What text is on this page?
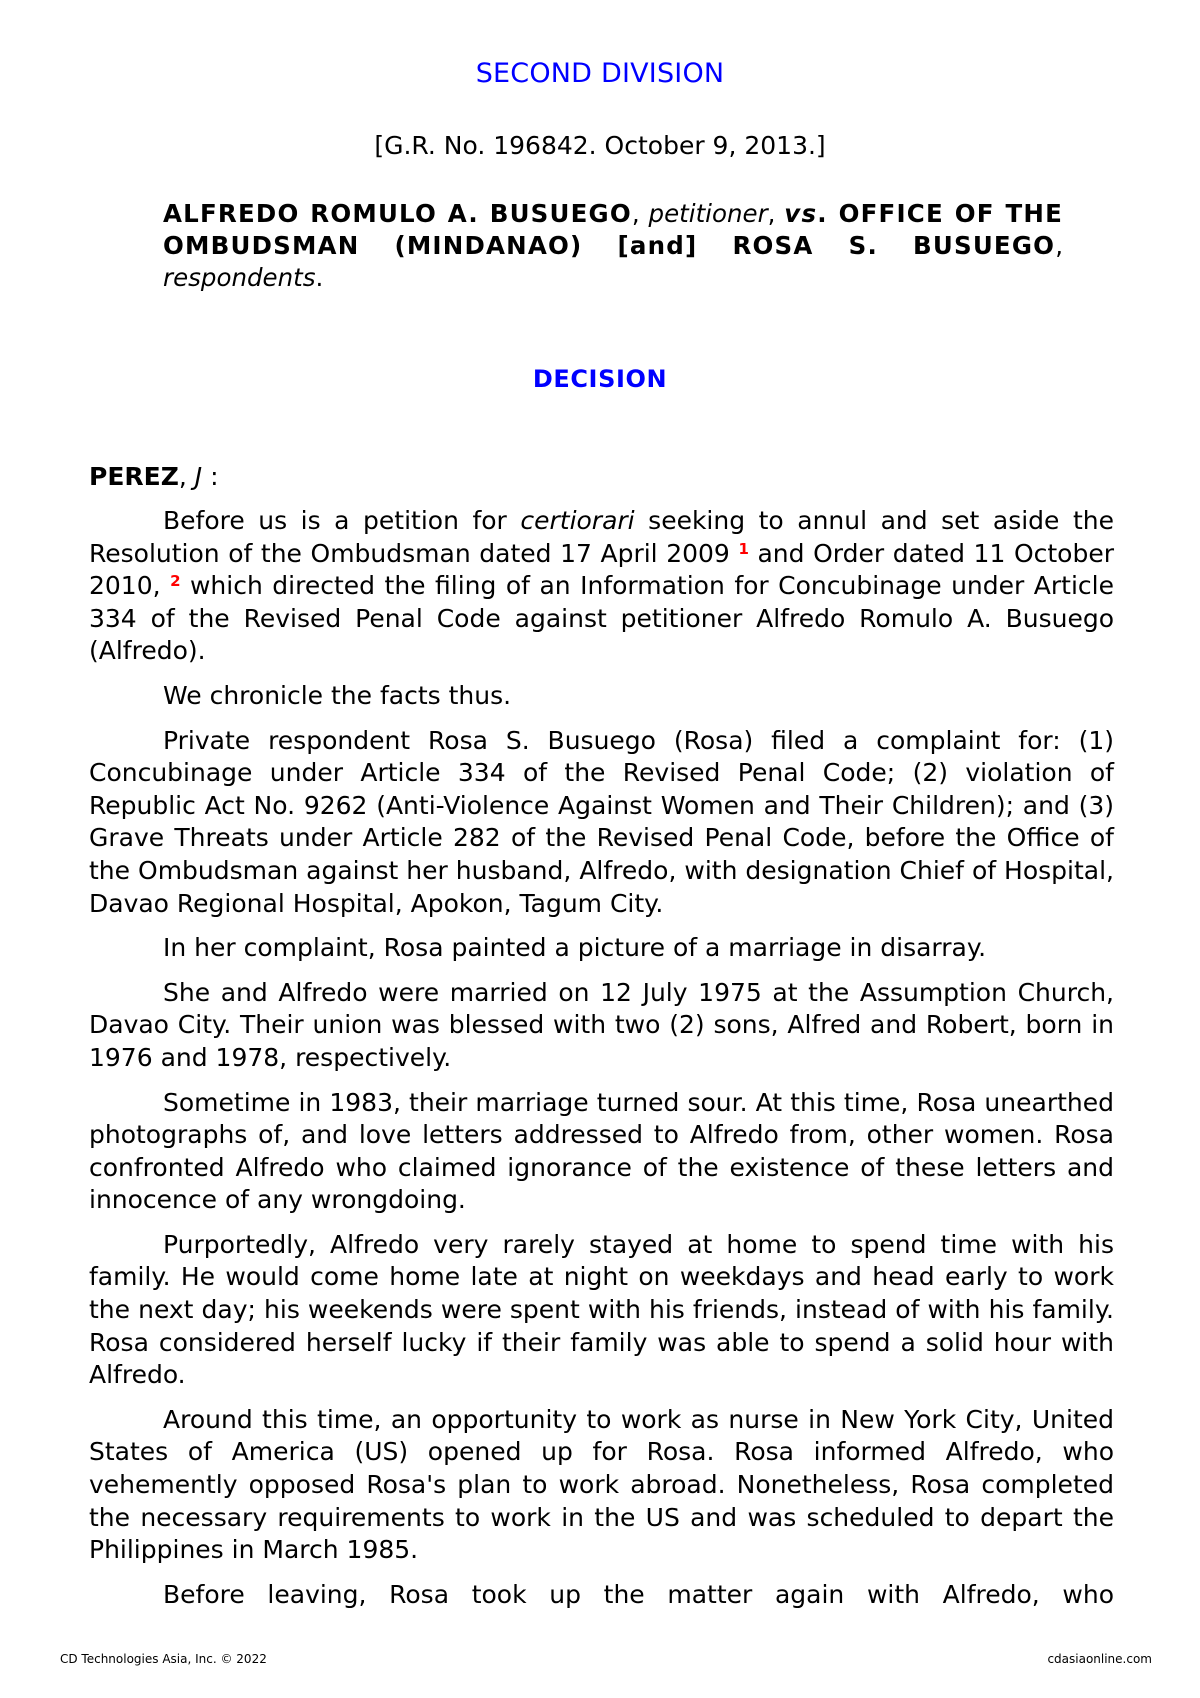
SECOND DIVISION
[G.R. No. 196842. October 9, 2013.]
ALFREDO ROMULO A. BUSUEGO, petitioner, vs. OFFICE OF THE OMBUDSMAN (MINDANAO) [and] ROSA S. BUSUEGO, respondents.
DECISION
PEREZ, J :

Before us is a petition for certiorari seeking to annul and set aside the Resolution of the Ombudsman dated 17 April 2009 $^1$ and Order dated 11 October 2010, $^2$ which directed the filing of an Information for Concubinage under Article 334 of the Revised Penal Code against petitioner Alfredo Romulo A. Busuego (Alfredo).

We chronicle the facts thus.

Private respondent Rosa S. Busuego (Rosa) filed a complaint for: (1) Concubinage under Article 334 of the Revised Penal Code; (2) violation of Republic Act No. 9262 (Anti-Violence Against Women and Their Children); and (3) Grave Threats under Article 282 of the Revised Penal Code, before the Office of the Ombudsman against her husband, Alfredo, with designation Chief of Hospital, Davao Regional Hospital, Apokon, Tagum City.

In her complaint, Rosa painted a picture of a marriage in disarray.

She and Alfredo were married on 12 July 1975 at the Assumption Church, Davao City. Their union was blessed with two (2) sons, Alfred and Robert, born in 1976 and 1978, respectively.

Sometime in 1983, their marriage turned sour. At this time, Rosa unearthed photographs of, and love letters addressed to Alfredo from, other women. Rosa confronted Alfredo who claimed ignorance of the existence of these letters and innocence of any wrongdoing.

Purportedly, Alfredo very rarely stayed at home to spend time with his family. He would come home late at night on weekdays and head early to work the next day; his weekends were spent with his friends, instead of with his family. Rosa considered herself lucky if their family was able to spend a solid hour with Alfredo.

Around this time, an opportunity to work as nurse in New York City, United States of America (US) opened up for Rosa. Rosa informed Alfredo, who vehemently opposed Rosa's plan to work abroad. Nonetheless, Rosa completed the necessary requirements to work in the US and was scheduled to depart the Philippines in March 1985.

Before leaving, Rosa took up the matter again with Alfredo, who

CD Technologies Asia, Inc. © 2022	cdasiaonline.com
